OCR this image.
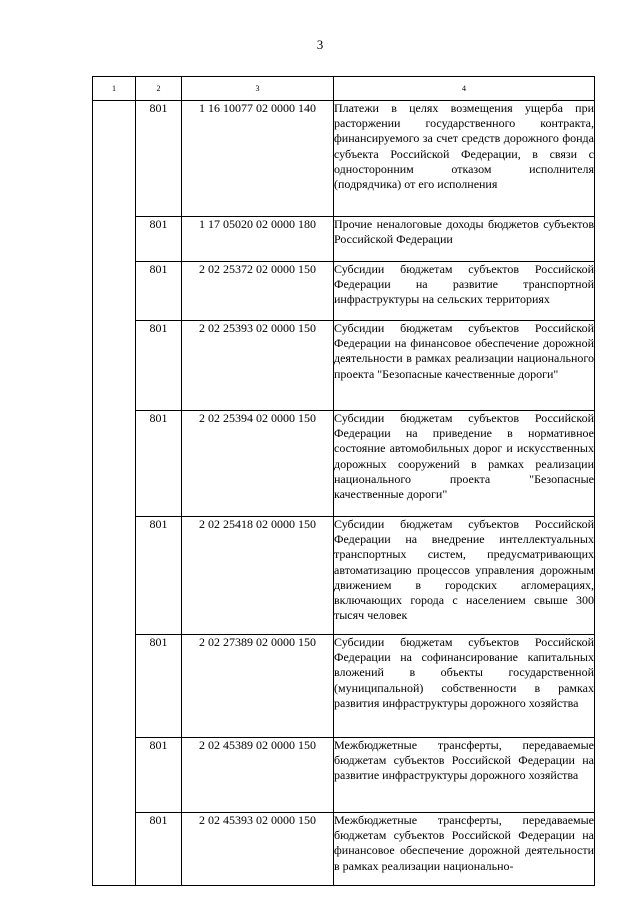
3
1	2	3	4
	801	1 16 10077 02 0000 140	Платежи в целях возмещения ущерба при расторжении государственного контракта, финансируемого за счет средств дорожного фонда субъекта Российской Федерации, в связи с односторонним отказом исполнителя (подрядчика) от его исполнения
	801	1 17 05020 02 0000 180	Прочие неналоговые доходы бюджетов субъектов Российской Федерации
	801	2 02 25372 02 0000 150	Субсидии бюджетам субъектов Российской Федерации на развитие транспортной инфраструктуры на сельских территориях
	801	2 02 25393 02 0000 150	Субсидии бюджетам субъектов Российской Федерации на финансовое обеспечение дорожной деятельности в рамках реализации национального проекта "Безопасные качественные дороги"
	801	2 02 25394 02 0000 150	Субсидии бюджетам субъектов Российской Федерации на приведение в нормативное состояние автомобильных дорог и искусственных дорожных сооружений в рамках реализации национального проекта "Безопасные качественные дороги"
	801	2 02 25418 02 0000 150	Субсидии бюджетам субъектов Российской Федерации на внедрение интеллектуальных транспортных систем, предусматривающих автоматизацию процессов управления дорожным движением в городских агломерациях, включающих города с населением свыше 300 тысяч человек
	801	2 02 27389 02 0000 150	Субсидии бюджетам субъектов Российской Федерации на софинансирование капитальных вложений в объекты государственной (муниципальной) собственности в рамках развития инфраструктуры дорожного хозяйства
	801	2 02 45389 02 0000 150	Межбюджетные трансферты, передаваемые бюджетам субъектов Российской Федерации на развитие инфраструктуры дорожного хозяйства
	801	2 02 45393 02 0000 150	Межбюджетные трансферты, передаваемые бюджетам субъектов Российской Федерации на финансовое обеспечение дорожной деятельности в рамках реализации национально-
